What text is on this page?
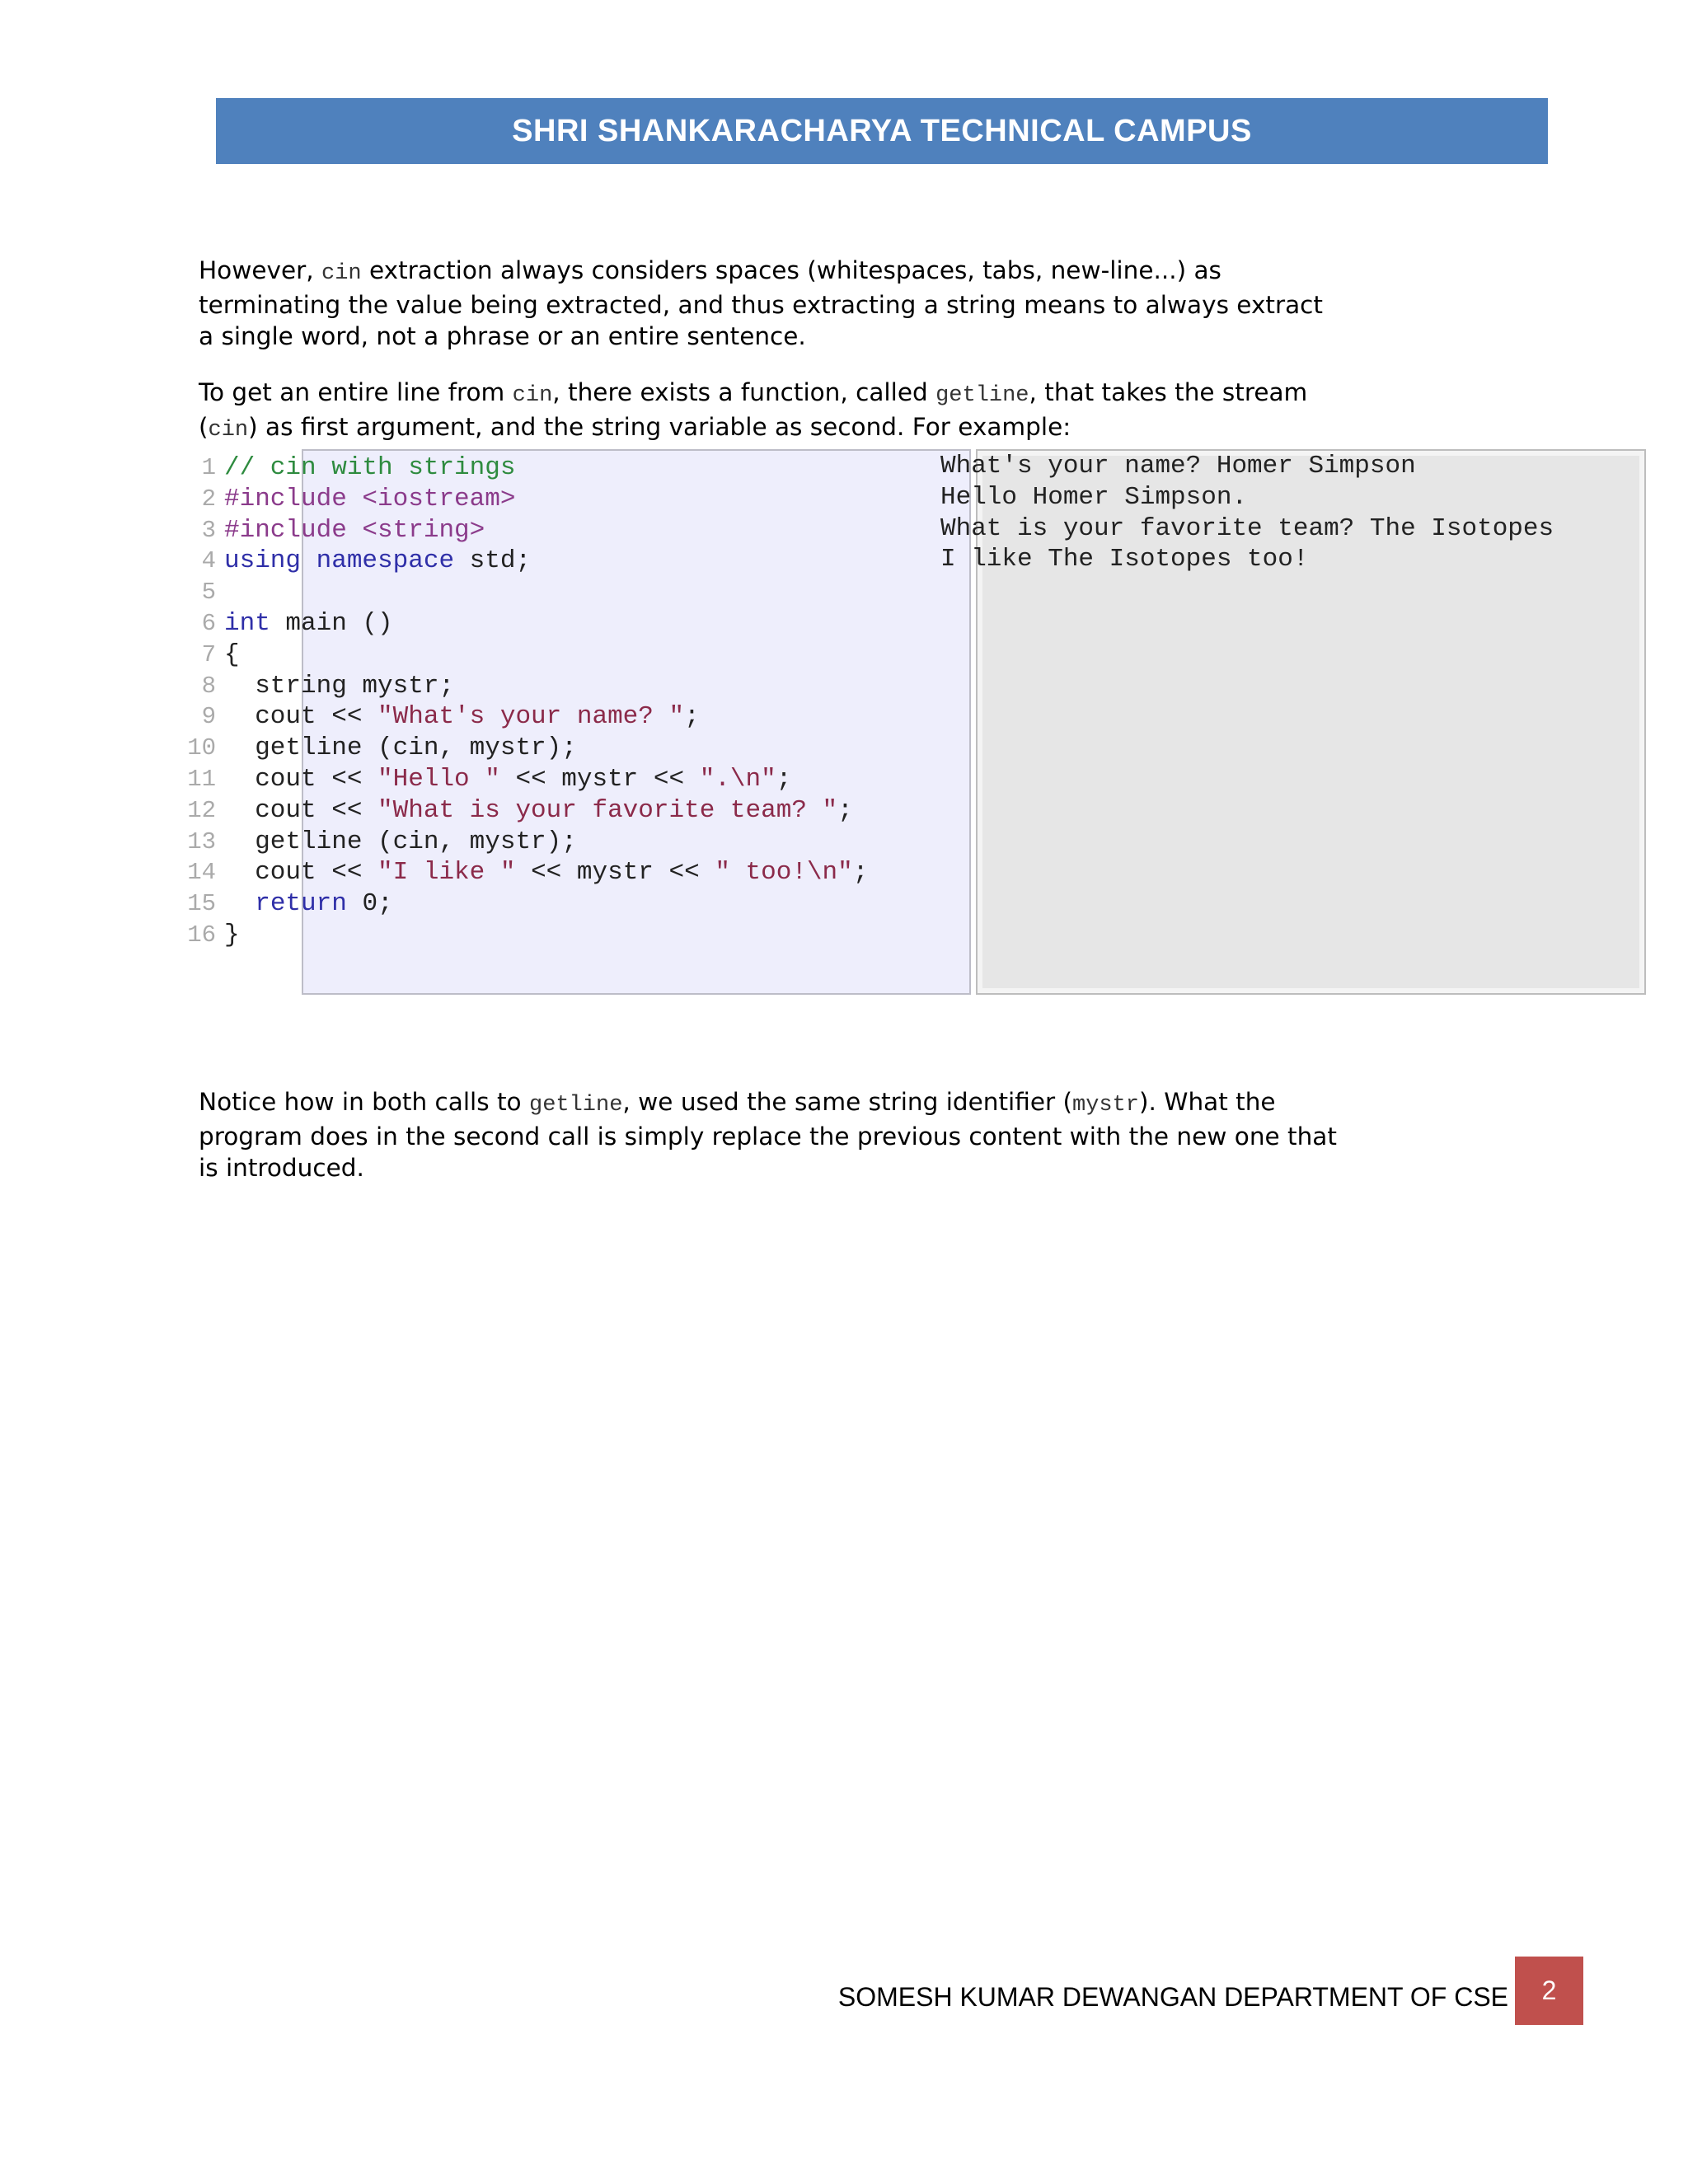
SHRI SHANKARACHARYA TECHNICAL CAMPUS

However, cin extraction always considers spaces (whitespaces, tabs, new-line...) as
terminating the value being extracted, and thus extracting a string means to always extract
a single word, not a phrase or an entire sentence.

To get an entire line from cin, there exists a function, called getline, that takes the stream
(cin) as first argument, and the string variable as second. For example:

1 // cin with strings
2 #include <iostream>
3 #include <string>
4 using namespace std;
5
6 int main ()
7 {
8  string mystr;
9  cout << "What's your name? ";
10  getline (cin, mystr);
11  cout << "Hello " << mystr << ".\n";
12  cout << "What is your favorite team? ";
13  getline (cin, mystr);
14  cout << "I like " << mystr << " too!\n";
15 return 0;
16 }
What's your name? Homer Simpson
Hello Homer Simpson.
What is your favorite team? The Isotopes
I like The Isotopes too!

Notice how in both calls to getline, we used the same string identifier (mystr). What the
program does in the second call is simply replace the previous content with the new one that
is introduced.

SOMESH KUMAR DEWANGAN DEPARTMENT OF CSE 2
